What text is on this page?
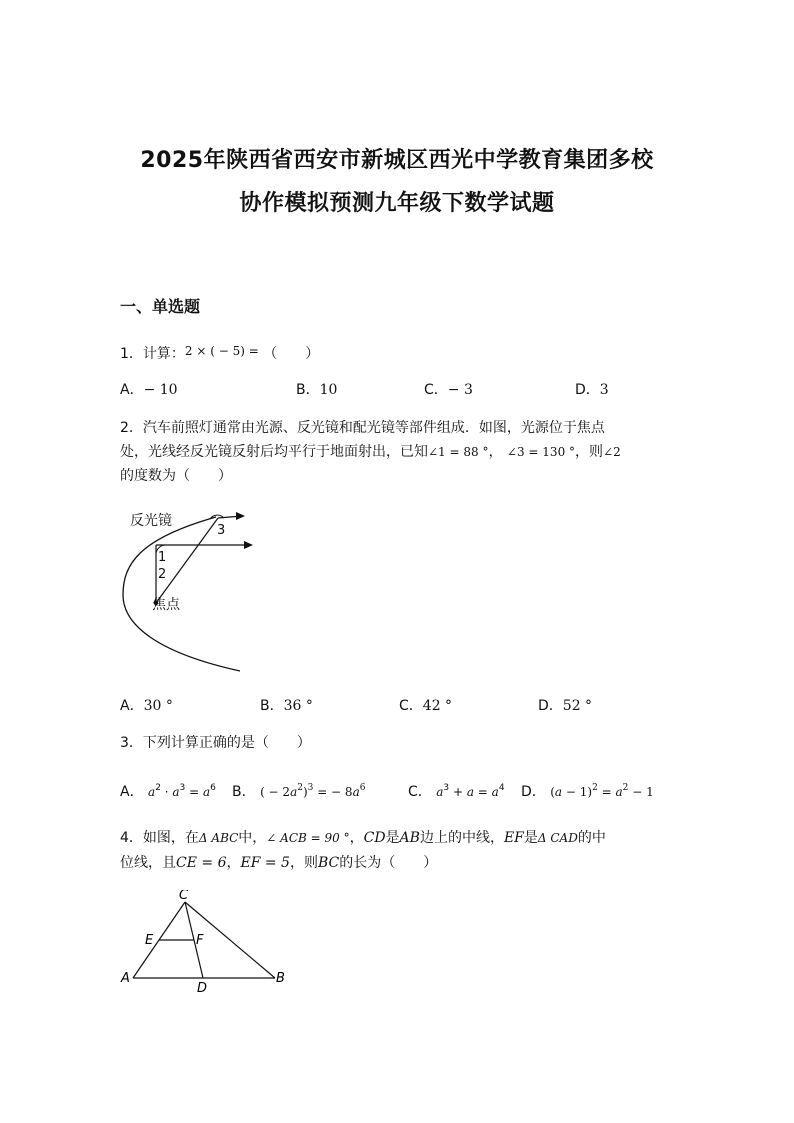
2025年陕西省西安市新城区西光中学教育集团多校
协作模拟预测九年级下数学试题
一、单选题
1．计算：2 × ( − 5) = （　　）
A．− 10	B．10	C．− 3	D．3
2．汽车前照灯通常由光源、反光镜和配光镜等部件组成．如图，光源位于焦点
处，光线经反光镜反射后均平行于地面射出，已知∠1 = 88 °， ∠3 = 130 °，则∠2
的度数为（　　）
反光镜
焦点
1
2
3
A．30 °	B．36 °	C．42 °	D．52 °
3．下列计算正确的是（　　）
A． $a^2 \cdot a^3 = a^6$ B． ( − $2a^2)^3$ = − $8a^6$	C． $a^3 + a = a^4$ D． $(a - 1)^2 = a^2 - 1$
4．如图，在Δ ABC中，∠ ACB = 90 °，CD是AB边上的中线，EF是Δ CAD的中
位线，且CE = 6，EF = 5，则BC的长为（　　）
C
E	F
A
D
B
